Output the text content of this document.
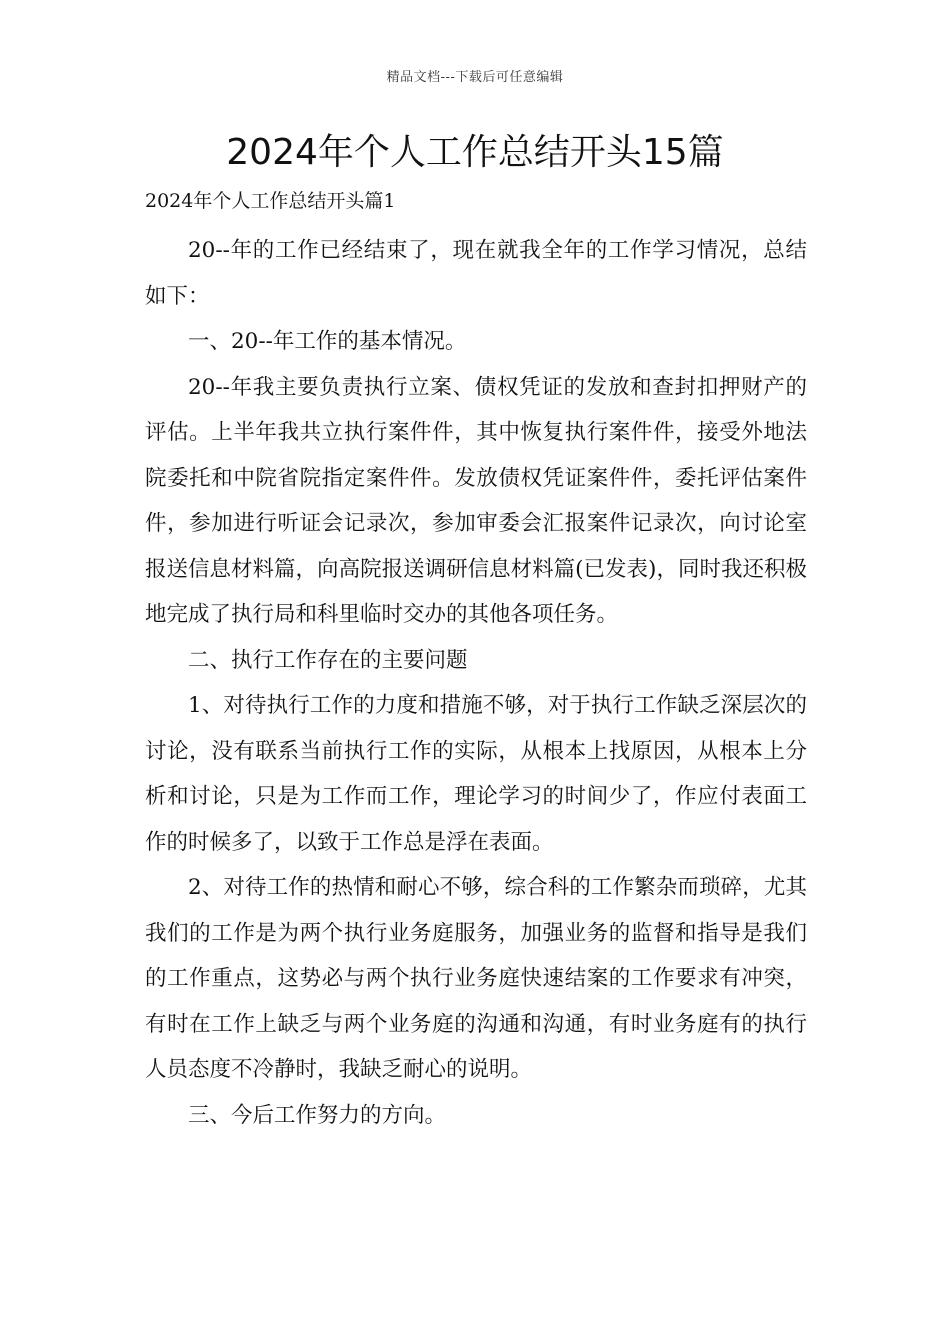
精品文档---下载后可任意编辑
2024年个人工作总结开头15篇
2024年个人工作总结开头篇1

20--年的工作已经结束了，现在就我全年的工作学习情况，总结如下：

一、20--年工作的基本情况。

20--年我主要负责执行立案、债权凭证的发放和查封扣押财产的评估。上半年我共立执行案件件，其中恢复执行案件件，接受外地法院委托和中院省院指定案件件。发放债权凭证案件件，委托评估案件件，参加进行听证会记录次，参加审委会汇报案件记录次，向讨论室报送信息材料篇，向高院报送调研信息材料篇(已发表)，同时我还积极地完成了执行局和科里临时交办的其他各项任务。

二、执行工作存在的主要问题

1、对待执行工作的力度和措施不够，对于执行工作缺乏深层次的讨论，没有联系当前执行工作的实际，从根本上找原因，从根本上分析和讨论，只是为工作而工作，理论学习的时间少了，作应付表面工作的时候多了，以致于工作总是浮在表面。

2、对待工作的热情和耐心不够，综合科的工作繁杂而琐碎，尤其我们的工作是为两个执行业务庭服务，加强业务的监督和指导是我们的工作重点，这势必与两个执行业务庭快速结案的工作要求有冲突，有时在工作上缺乏与两个业务庭的沟通和沟通，有时业务庭有的执行人员态度不冷静时，我缺乏耐心的说明。

三、今后工作努力的方向。
